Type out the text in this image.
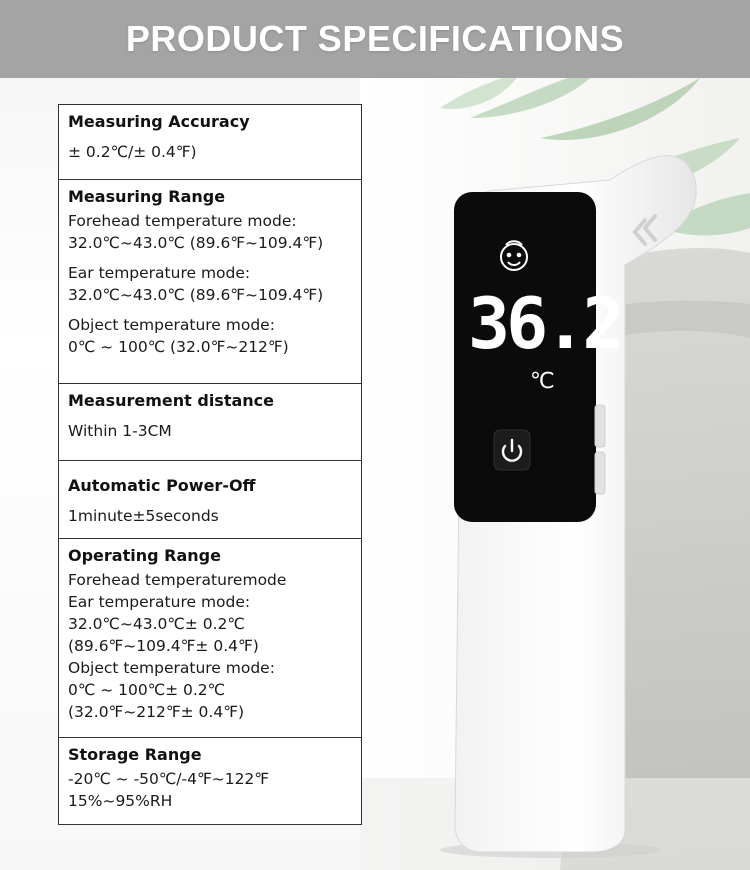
PRODUCT SPECIFICATIONS
Measuring Accuracy
± 0.2℃/± 0.4℉)
Measuring Range
Forehead temperature mode:
32.0℃~43.0℃ (89.6℉~109.4℉)
Ear temperature mode:
32.0℃~43.0℃ (89.6℉~109.4℉)
Object temperature mode:
0℃ ~ 100℃ (32.0℉~212℉)
Measurement distance
Within 1-3CM
Automatic Power-Off
1minute±5seconds
Operating Range
Forehead temperaturemode
Ear temperature mode:
32.0℃~43.0℃± 0.2℃
(89.6℉~109.4℉± 0.4℉)
Object temperature mode:
0℃ ~ 100℃± 0.2℃
(32.0℉~212℉± 0.4℉)
Storage Range
-20℃ ~ -50℃/-4℉~122℉
15%~95%RH
36.2
℃
